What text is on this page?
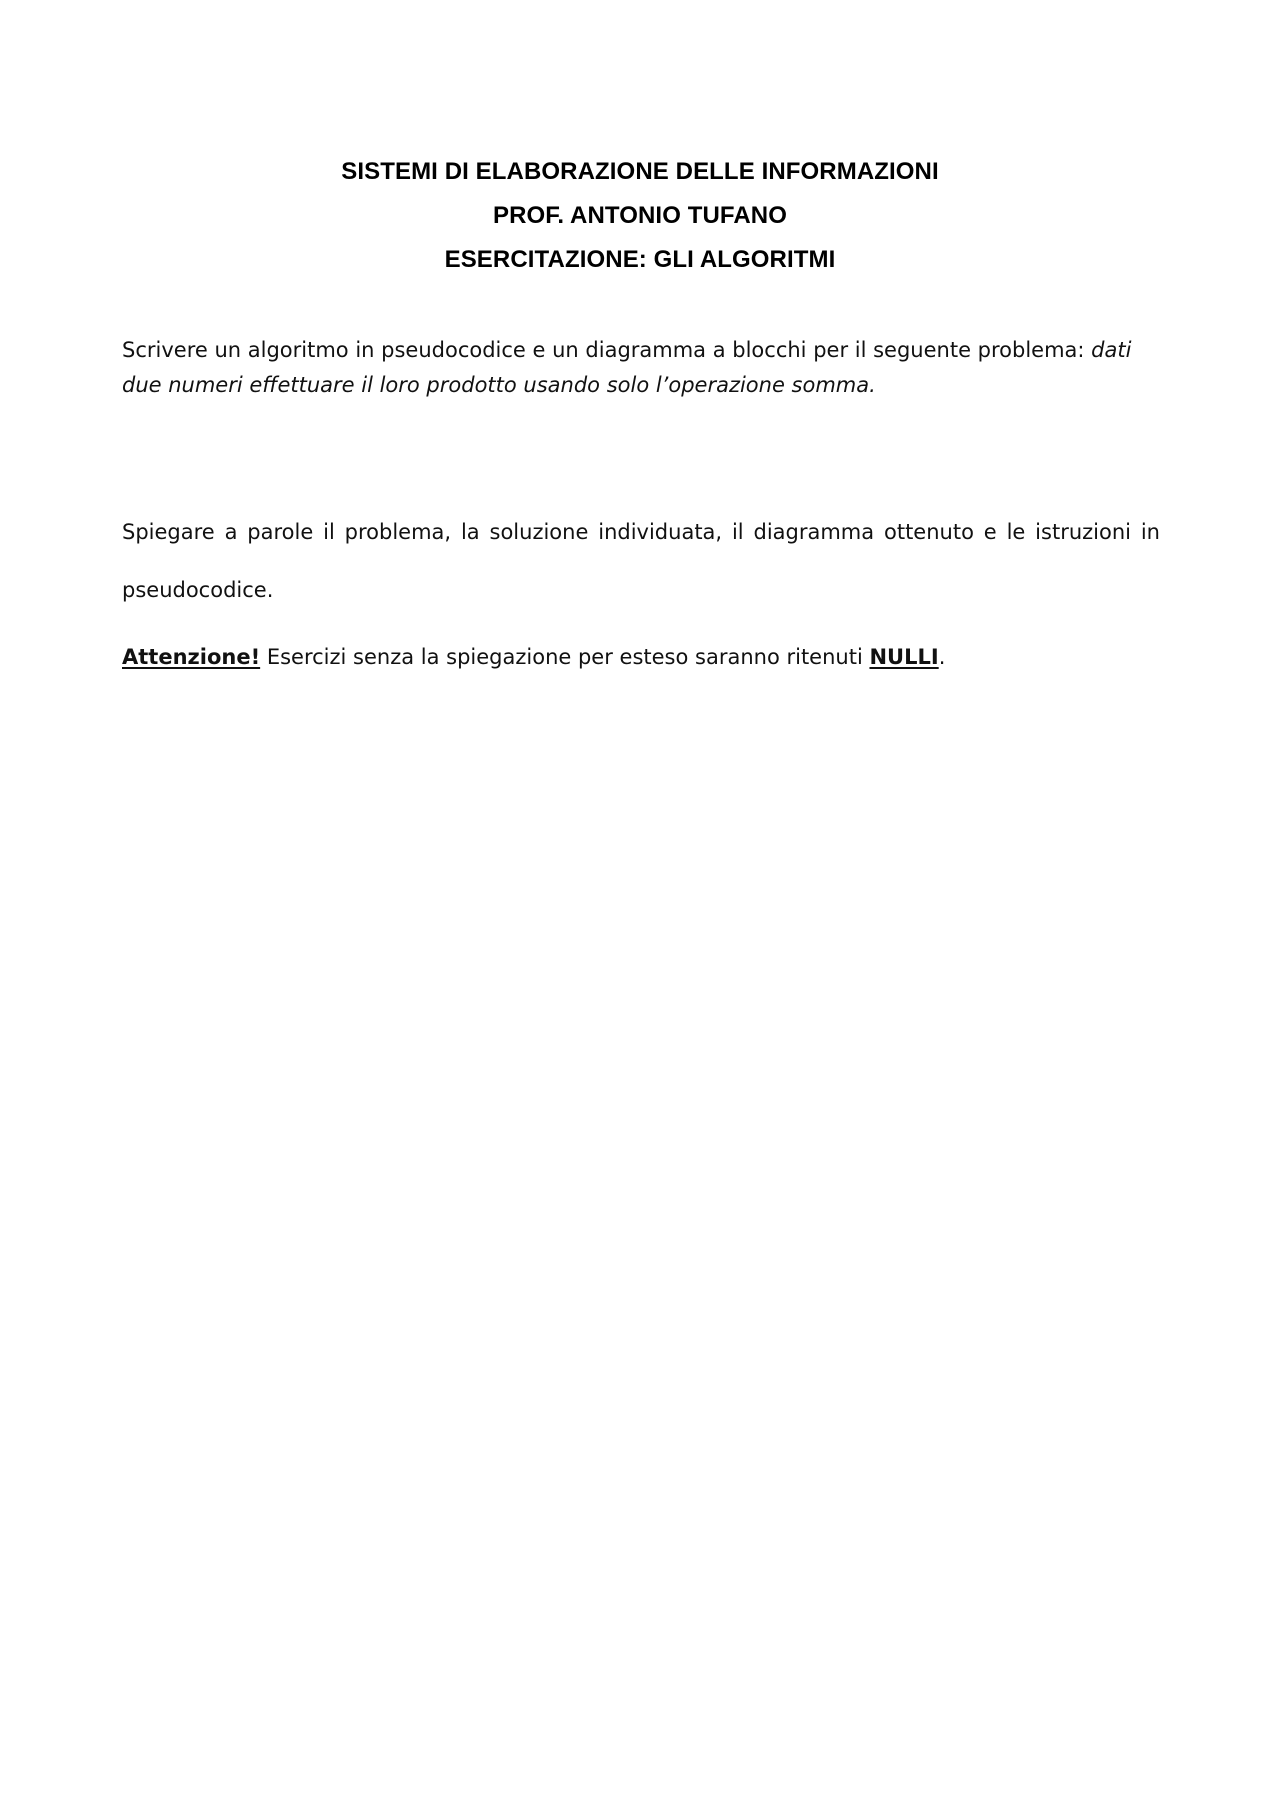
SISTEMI DI ELABORAZIONE DELLE INFORMAZIONI
PROF. ANTONIO TUFANO
ESERCITAZIONE: GLI ALGORITMI
Scrivere un algoritmo in pseudocodice e un diagramma a blocchi per il seguente problema: dati due numeri effettuare il loro prodotto usando solo l’operazione somma.
Spiegare a parole il problema, la soluzione individuata, il diagramma ottenuto e le istruzioni in pseudocodice.
Attenzione! Esercizi senza la spiegazione per esteso saranno ritenuti NULLI.
